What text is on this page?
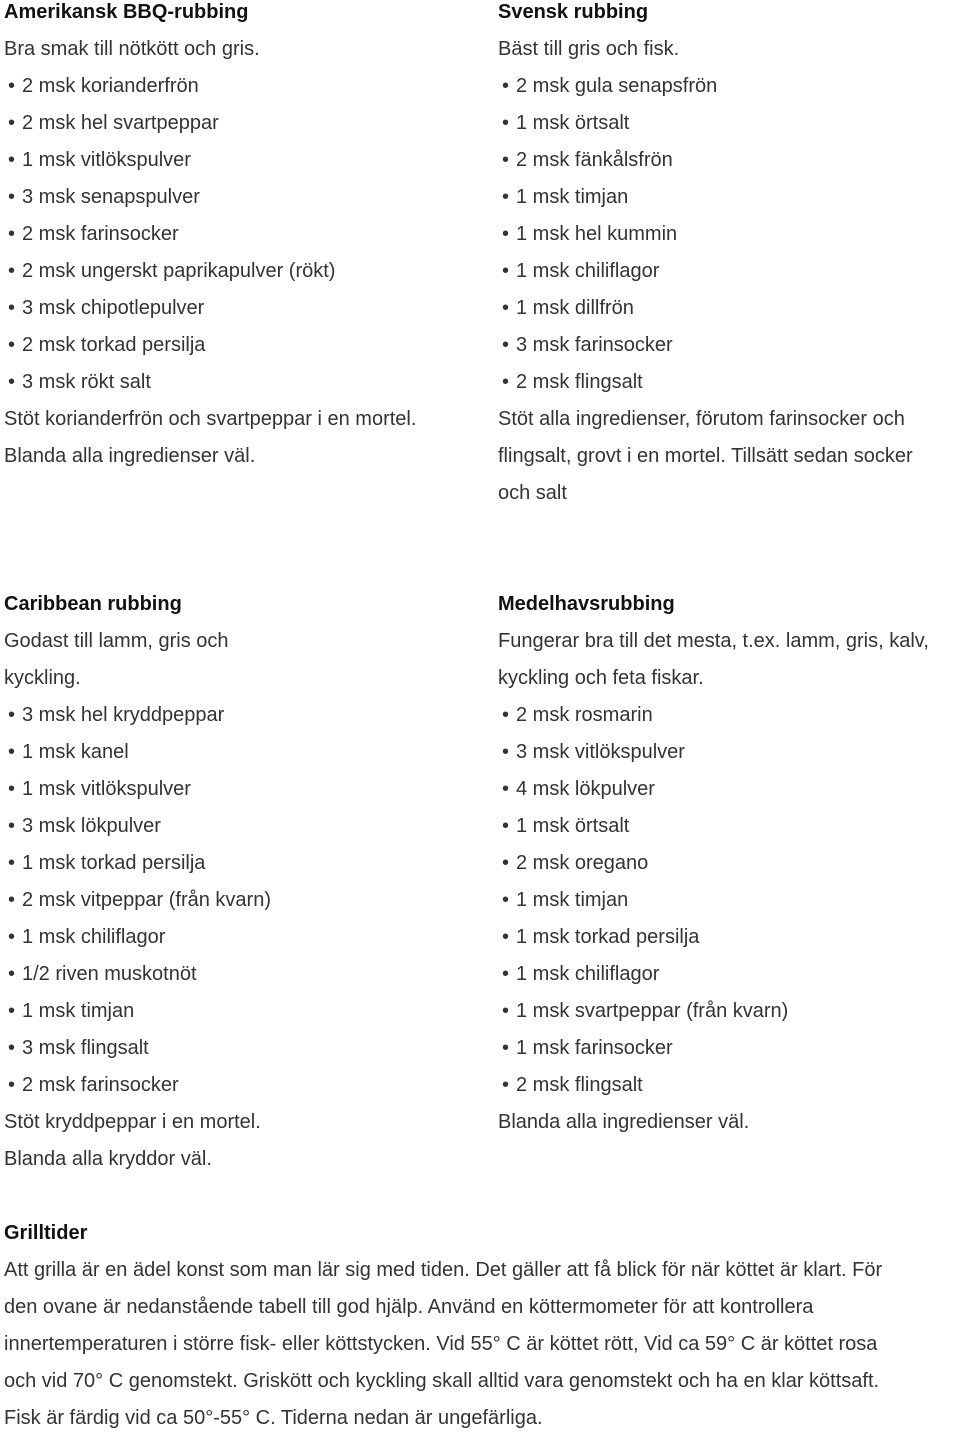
Amerikansk BBQ-rubbing
Bra smak till nötkött och gris.
• 2 msk korianderfrön
• 2 msk hel svartpeppar
• 1 msk vitlökspulver
• 3 msk senapspulver
• 2 msk farinsocker
• 2 msk ungerskt paprikapulver (rökt)
• 3 msk chipotlepulver
• 2 msk torkad persilja
• 3 msk rökt salt
Stöt korianderfrön och svartpeppar i en mortel.
Blanda alla ingredienser väl.
Svensk rubbing
Bäst till gris och fisk.
• 2 msk gula senapsfrön
• 1 msk örtsalt
• 2 msk fänkålsfrön
• 1 msk timjan
• 1 msk hel kummin
• 1 msk chiliflagor
• 1 msk dillfrön
• 3 msk farinsocker
• 2 msk flingsalt
Stöt alla ingredienser, förutom farinsocker och
flingsalt, grovt i en mortel. Tillsätt sedan socker
och salt
Caribbean rubbing
Godast till lamm, gris och
kyckling.
• 3 msk hel kryddpeppar
• 1 msk kanel
• 1 msk vitlökspulver
• 3 msk lökpulver
• 1 msk torkad persilja
• 2 msk vitpeppar (från kvarn)
• 1 msk chiliflagor
• 1/2 riven muskotnöt
• 1 msk timjan
• 3 msk flingsalt
• 2 msk farinsocker
Stöt kryddpeppar i en mortel.
Blanda alla kryddor väl.
Medelhavsrubbing
Fungerar bra till det mesta, t.ex. lamm, gris, kalv,
kyckling och feta fiskar.
• 2 msk rosmarin
• 3 msk vitlökspulver
• 4 msk lökpulver
• 1 msk örtsalt
• 2 msk oregano
• 1 msk timjan
• 1 msk torkad persilja
• 1 msk chiliflagor
• 1 msk svartpeppar (från kvarn)
• 1 msk farinsocker
• 2 msk flingsalt
Blanda alla ingredienser väl.
Grilltider
Att grilla är en ädel konst som man lär sig med tiden. Det gäller att få blick för när köttet är klart. För
den ovane är nedanstående tabell till god hjälp. Använd en köttermometer för att kontrollera
innertemperaturen i större fisk- eller köttstycken. Vid 55° C är köttet rött, Vid ca 59° C är köttet rosa
och vid 70° C genomstekt. Griskött och kyckling skall alltid vara genomstekt och ha en klar köttsaft.
Fisk är färdig vid ca 50°-55° C. Tiderna nedan är ungefärliga.
